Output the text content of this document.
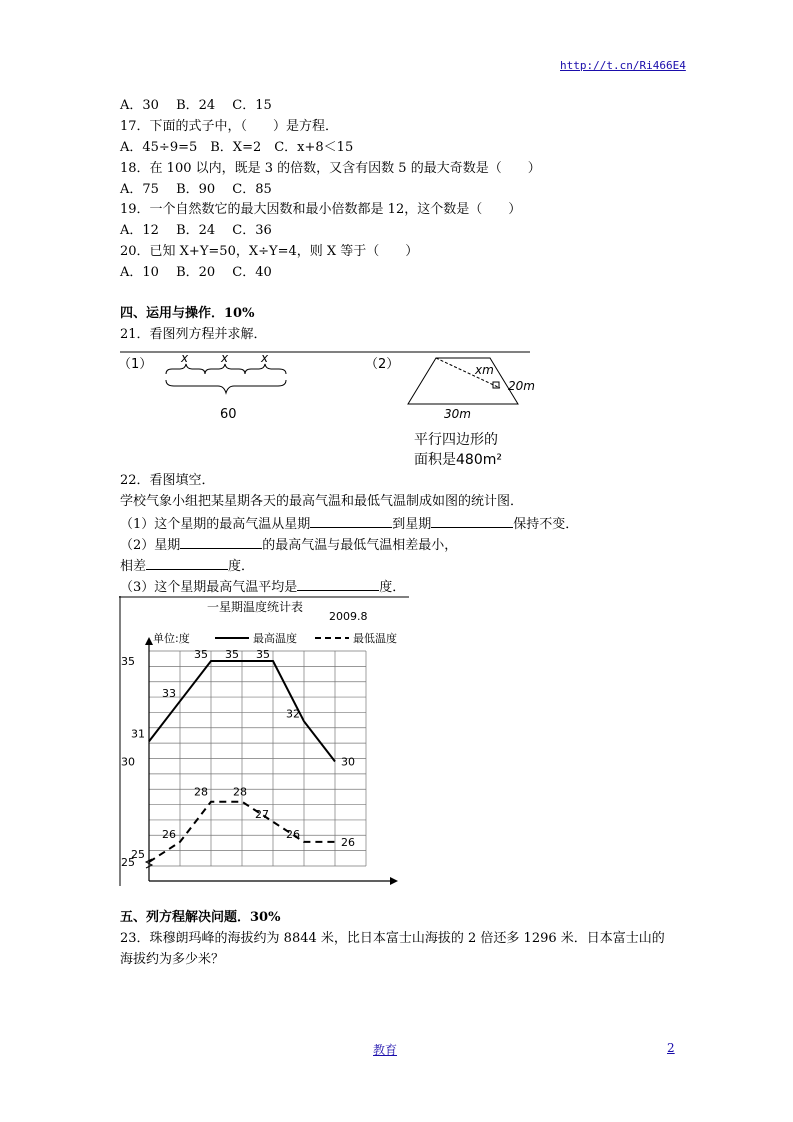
http://t.cn/Ri466E4
A．30　 B．24　 C．15
17．下面的式子中，（　　）是方程．
A．45÷9=5　B．X=2　C．x+8＜15
18．在 100 以内，既是 3 的倍数，又含有因数 5 的最大奇数是（　　）
A．75　 B．90　 C．85
19．一个自然数它的最大因数和最小倍数都是 12，这个数是（　　）
A．12　 B．24　 C．36
20．已知 X+Y=50，X÷Y=4，则 X 等于（　　）
A．10　 B．20　 C．40
四、运用与操作．10%
21．看图列方程并求解．
（1） x	x	x
60
（2）	xm
20m
30m
平行四边形的
面积是480m²
22．看图填空．
学校气象小组把某星期各天的最高气温和最低气温制成如图的统计图．
（1）这个星期的最高气温从星期	到星期	保持不变．
（2）星期	的最高气温与最低气温相差最小，
相差	度．
（3）这个星期最高气温平均是	度．
一星期温度统计表
2009.8
单位:度	最高温度	最低温度
35
30
25
31
33
35 35 35
32
30
25
26
28 28
27
26
26
五、列方程解决问题．30%
23．珠穆朗玛峰的海拔约为 8844 米，比日本富士山海拔的 2 倍还多 1296 米．日本富士山的
海拔约为多少米？
教育	2
